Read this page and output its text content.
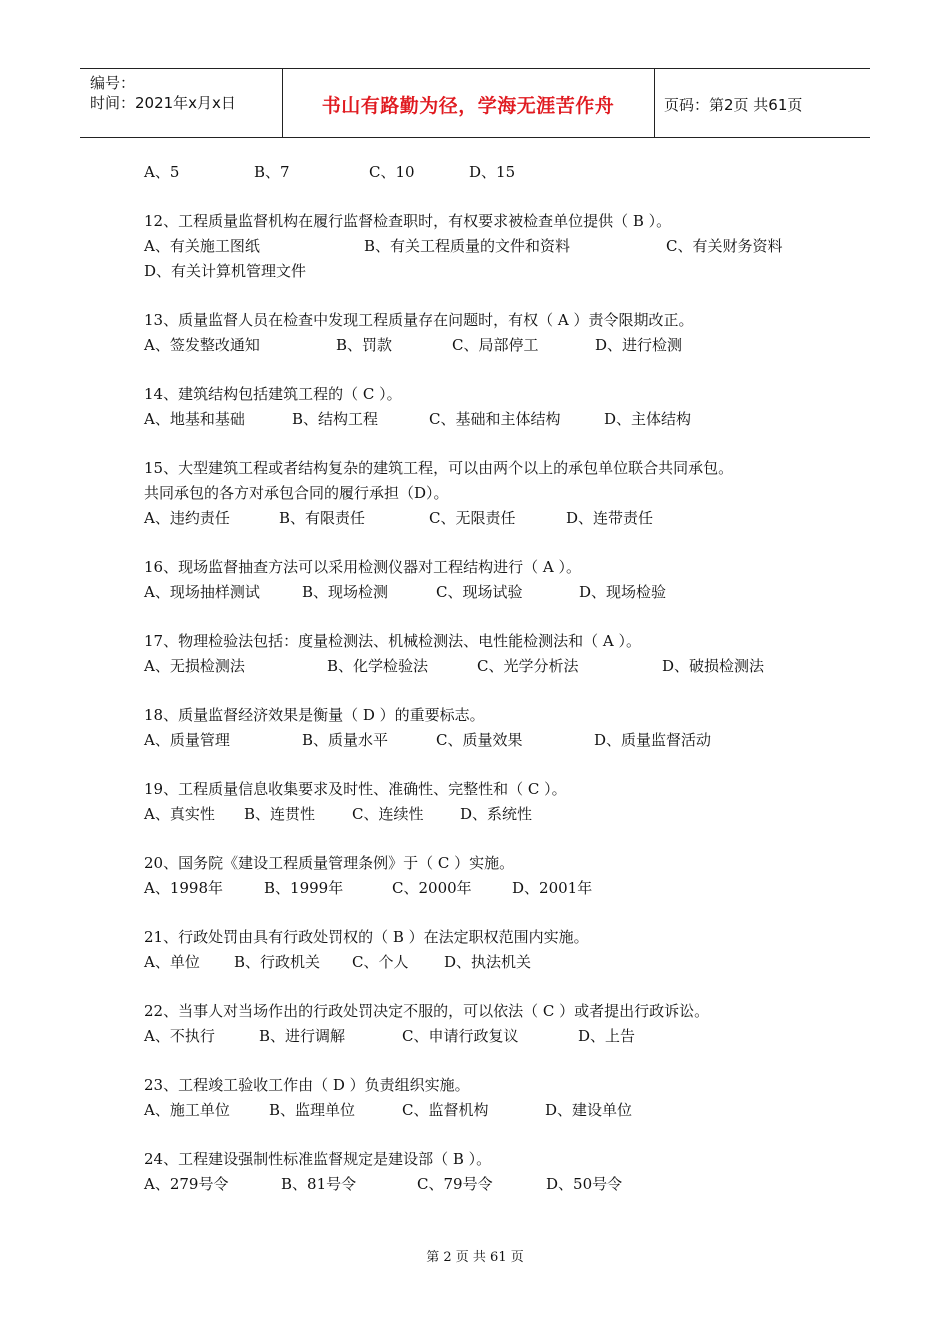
编号：
时间：2021年x月x日	书山有路勤为径，学海无涯苦作舟	页码：第2页 共61页
A、5	B、7	C、10	D、15
12、工程质量监督机构在履行监督检查职时，有权要求被检查单位提供（ B ）。
A、有关施工图纸	B、有关工程质量的文件和资料	C、有关财务资料
D、有关计算机管理文件
13、质量监督人员在检查中发现工程质量存在问题时，有权（ A ）责令限期改正。
A、签发整改通知	B、罚款	C、局部停工	D、进行检测
14、建筑结构包括建筑工程的（ C ）。
A、地基和基础	B、结构工程	C、基础和主体结构	D、主体结构
15、大型建筑工程或者结构复杂的建筑工程，可以由两个以上的承包单位联合共同承包。
共同承包的各方对承包合同的履行承担（D）。
A、违约责任	B、有限责任	C、无限责任	D、连带责任
16、现场监督抽查方法可以采用检测仪器对工程结构进行（ A ）。
A、现场抽样测试	B、现场检测	C、现场试验	D、现场检验
17、物理检验法包括：度量检测法、机械检测法、电性能检测法和（ A ）。
A、无损检测法	B、化学检验法	C、光学分析法	D、破损检测法
18、质量监督经济效果是衡量（ D ）的重要标志。
A、质量管理	B、质量水平	C、质量效果	D、质量监督活动
19、工程质量信息收集要求及时性、准确性、完整性和（ C ）。
A、真实性 B、连贯性 C、连续性 D、系统性
20、国务院《建设工程质量管理条例》于（ C ）实施。
A、1998年	B、1999年	C、2000年	D、2001年
21、行政处罚由具有行政处罚权的（ B ）在法定职权范围内实施。
A、单位 B、行政机关 C、个人 D、执法机关
22、当事人对当场作出的行政处罚决定不服的，可以依法（ C ）或者提出行政诉讼。
A、不执行	B、进行调解	C、申请行政复议	D、上告
23、工程竣工验收工作由（ D ）负责组织实施。
A、施工单位	B、监理单位	C、监督机构	D、建设单位
24、工程建设强制性标准监督规定是建设部（ B ）。
A、279号令	B、81号令	C、79号令	D、50号令
第 2 页 共 61 页
